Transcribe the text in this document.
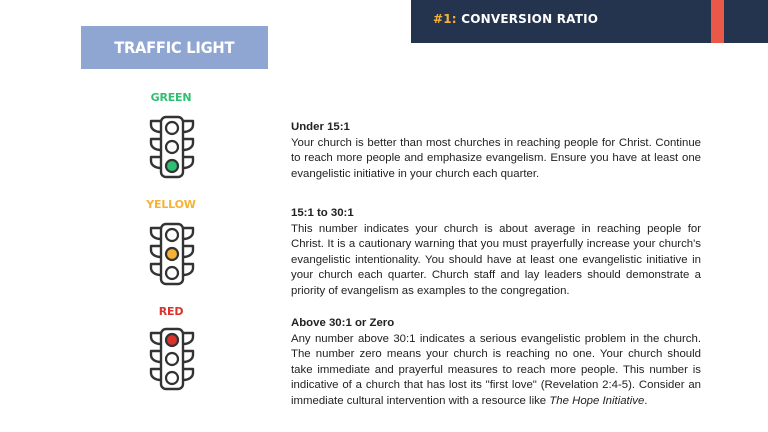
#1: CONVERSION RATIO
TRAFFIC LIGHT
GREEN
YELLOW
RED
Under 15:1
Your church is better than most churches in reaching people for Christ. Continue to reach more people and emphasize evangelism. Ensure you have at least one evangelistic initiative in your church each quarter.
15:1 to 30:1
This number indicates your church is about average in reaching people for Christ. It is a cautionary warning that you must prayerfully increase your church's evangelistic intentionality. You should have at least one evangelistic initiative in your church each quarter. Church staff and lay leaders should demonstrate a priority of evangelism as examples to the congregation.
Above 30:1 or Zero
Any number above 30:1 indicates a serious evangelistic problem in the church. The number zero means your church is reaching no one. Your church should take immediate and prayerful measures to reach more people. This number is indicative of a church that has lost its "first love" (Revelation 2:4-5). Consider an immediate cultural intervention with a resource like The Hope Initiative.
